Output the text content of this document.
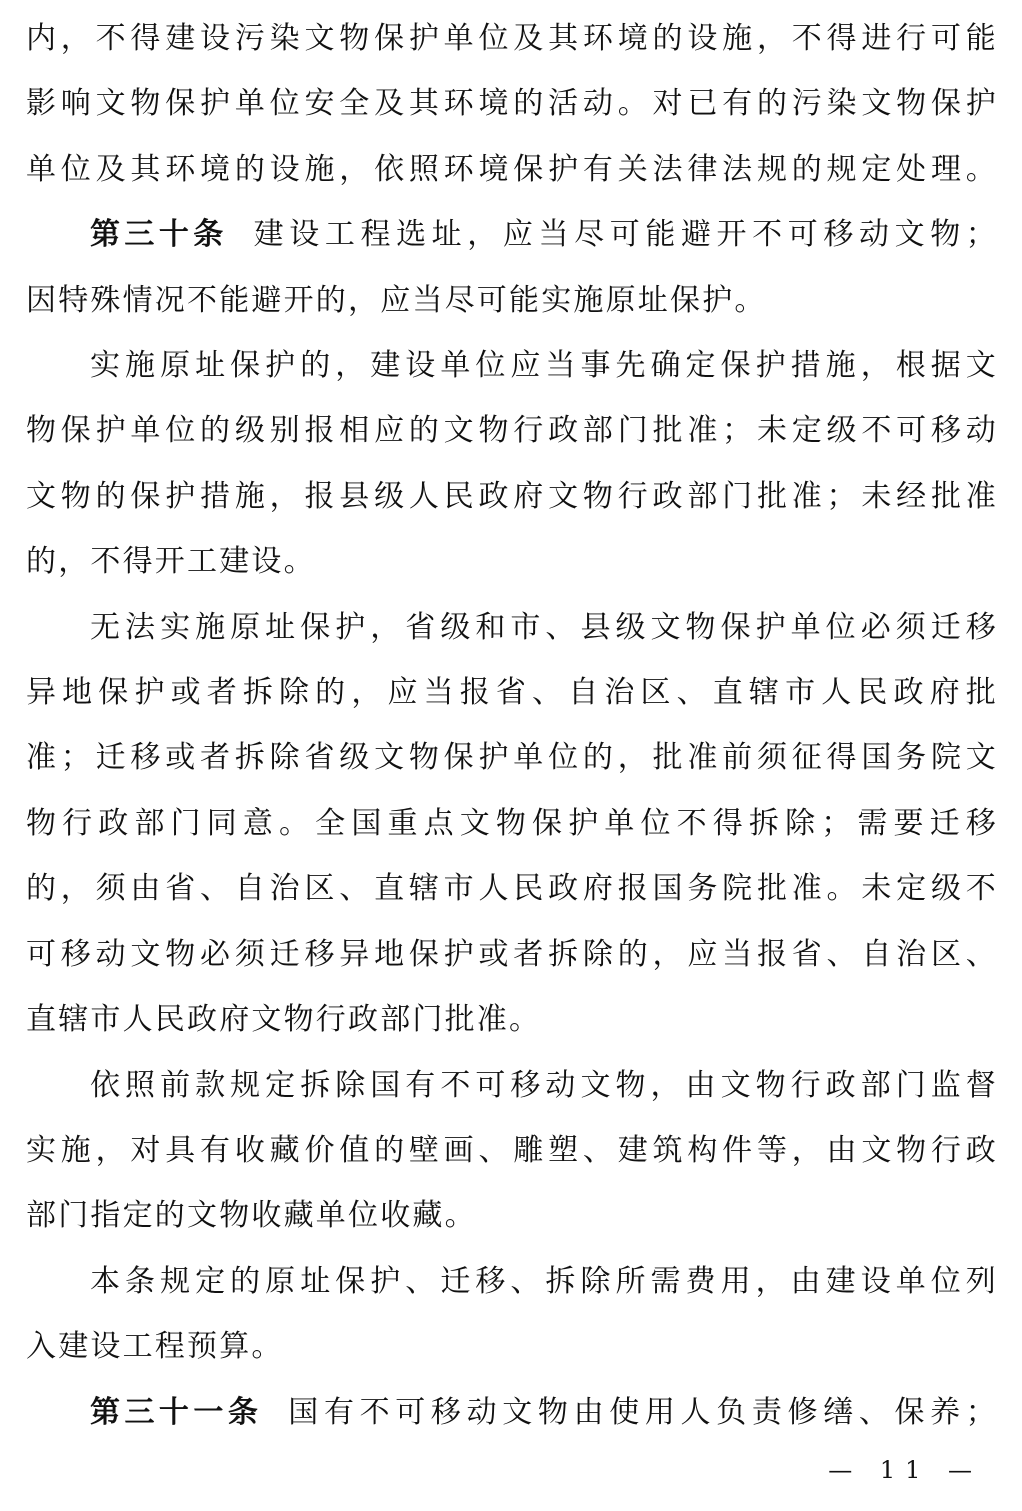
内，不得建设污染文物保护单位及其环境的设施，不得进行可能

影响文物保护单位安全及其环境的活动。对已有的污染文物保护

单位及其环境的设施，依照环境保护有关法律法规的规定处理。

第三十条 建设工程选址，应当尽可能避开不可移动文物；

因特殊情况不能避开的，应当尽可能实施原址保护。

实施原址保护的，建设单位应当事先确定保护措施，根据文

物保护单位的级别报相应的文物行政部门批准；未定级不可移动

文物的保护措施，报县级人民政府文物行政部门批准；未经批准

的，不得开工建设。

无法实施原址保护，省级和市、县级文物保护单位必须迁移

异地保护或者拆除的，应当报省、自治区、直辖市人民政府批

准；迁移或者拆除省级文物保护单位的，批准前须征得国务院文

物行政部门同意。全国重点文物保护单位不得拆除；需要迁移

的，须由省、自治区、直辖市人民政府报国务院批准。未定级不

可移动文物必须迁移异地保护或者拆除的，应当报省、自治区、

直辖市人民政府文物行政部门批准。

依照前款规定拆除国有不可移动文物，由文物行政部门监督

实施，对具有收藏价值的壁画、雕塑、建筑构件等，由文物行政

部门指定的文物收藏单位收藏。

本条规定的原址保护、迁移、拆除所需费用，由建设单位列

入建设工程预算。

第三十一条 国有不可移动文物由使用人负责修缮、保养；

— 11 —
